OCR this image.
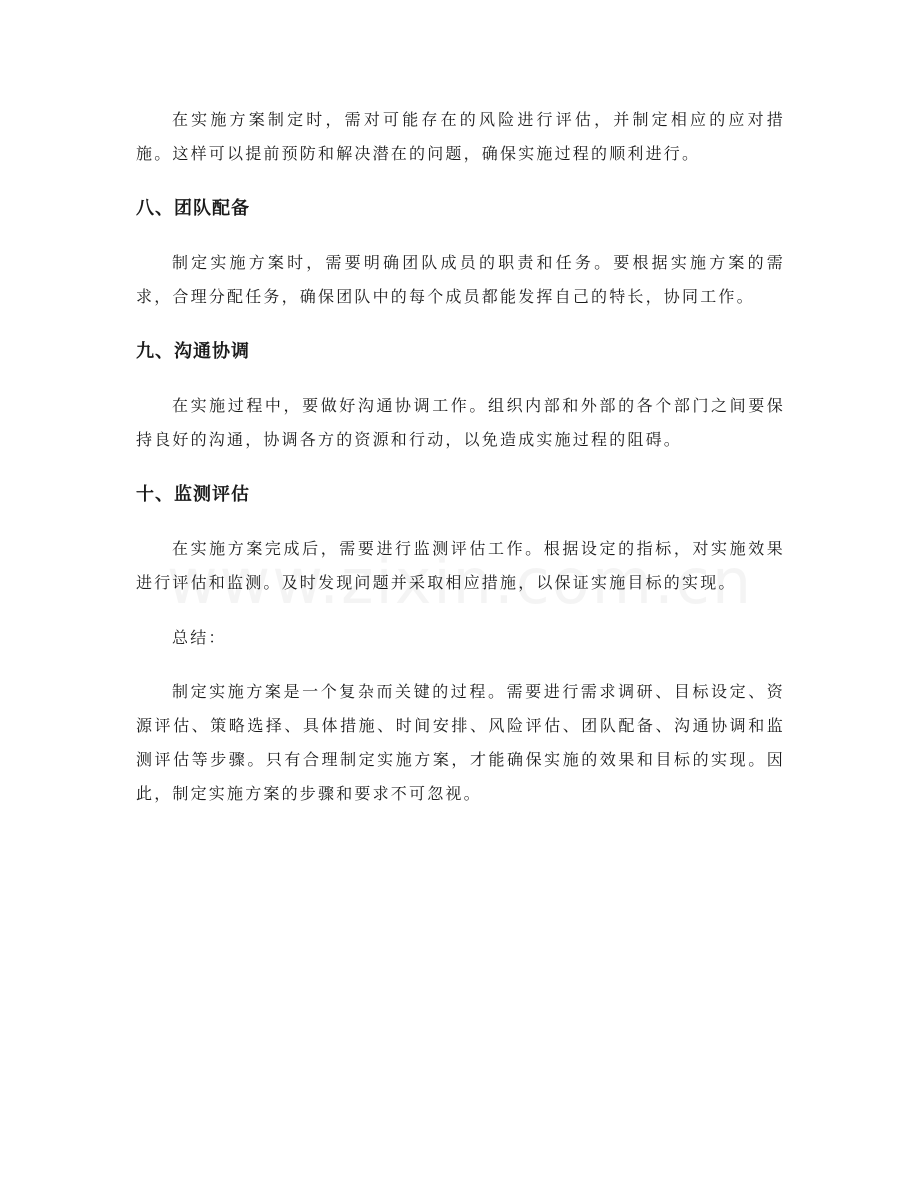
在实施方案制定时，需对可能存在的风险进行评估，并制定相应的应对措施。这样可以提前预防和解决潜在的问题，确保实施过程的顺利进行。

八、团队配备

制定实施方案时，需要明确团队成员的职责和任务。要根据实施方案的需求，合理分配任务，确保团队中的每个成员都能发挥自己的特长，协同工作。

九、沟通协调

在实施过程中，要做好沟通协调工作。组织内部和外部的各个部门之间要保持良好的沟通，协调各方的资源和行动，以免造成实施过程的阻碍。

十、监测评估

在实施方案完成后，需要进行监测评估工作。根据设定的指标，对实施效果进行评估和监测。及时发现问题并采取相应措施，以保证实施目标的实现。

总结：

制定实施方案是一个复杂而关键的过程。需要进行需求调研、目标设定、资源评估、策略选择、具体措施、时间安排、风险评估、团队配备、沟通协调和监测评估等步骤。只有合理制定实施方案，才能确保实施的效果和目标的实现。因此，制定实施方案的步骤和要求不可忽视。
